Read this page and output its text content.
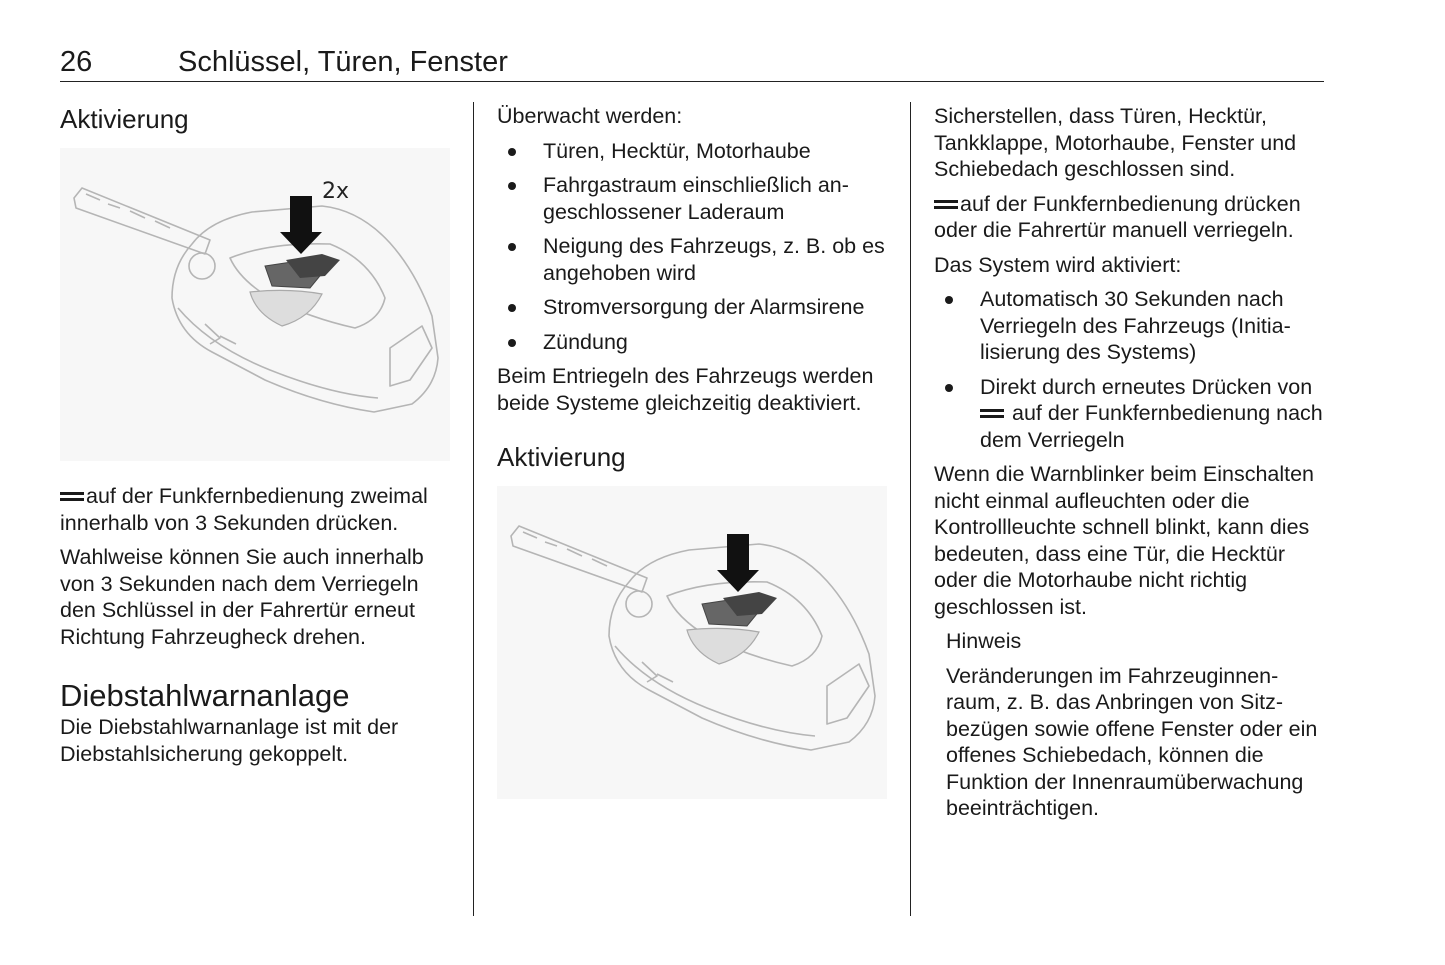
26	Schlüssel, Türen, Fenster
Aktivierung
2x

auf der Funkfernbedienung zweimal innerhalb von 3 Sekunden drücken.

Wahlweise können Sie auch innerhalb von 3 Sekunden nach dem Verriegeln den Schlüssel in der Fahrertür erneut Richtung Fahrzeugheck drehen.

Diebstahlwarnanlage

Die Diebstahlwarnanlage ist mit der Diebstahlsicherung gekoppelt.

Überwacht werden:

Türen, Hecktür, Motorhaube
Fahrgastraum einschließlich angeschlossener Laderaum
Neigung des Fahrzeugs, z. B. ob es angehoben wird
Stromversorgung der Alarmsirene
Zündung

Beim Entriegeln des Fahrzeugs werden beide Systeme gleichzeitig deaktiviert.

Aktivierung

Sicherstellen, dass Türen, Hecktür, Tankklappe, Motorhaube, Fenster und Schiebedach geschlossen sind.

auf der Funkfernbedienung drücken oder die Fahrertür manuell verriegeln.

Das System wird aktiviert:

Automatisch 30 Sekunden nach Verriegeln des Fahrzeugs (Initialisierung des Systems)
Direkt durch erneutes Drücken von  auf der Funkfernbedienung nach dem Verriegeln

Wenn die Warnblinker beim Einschalten nicht einmal aufleuchten oder die Kontrollleuchte schnell blinkt, kann dies bedeuten, dass eine Tür, die Hecktür oder die Motorhaube nicht richtig geschlossen ist.

Hinweis

Veränderungen im Fahrzeuginnenraum, z. B. das Anbringen von Sitzbezügen sowie offene Fenster oder ein offenes Schiebedach, können die Funktion der Innenraumüberwachung beeinträchtigen.
